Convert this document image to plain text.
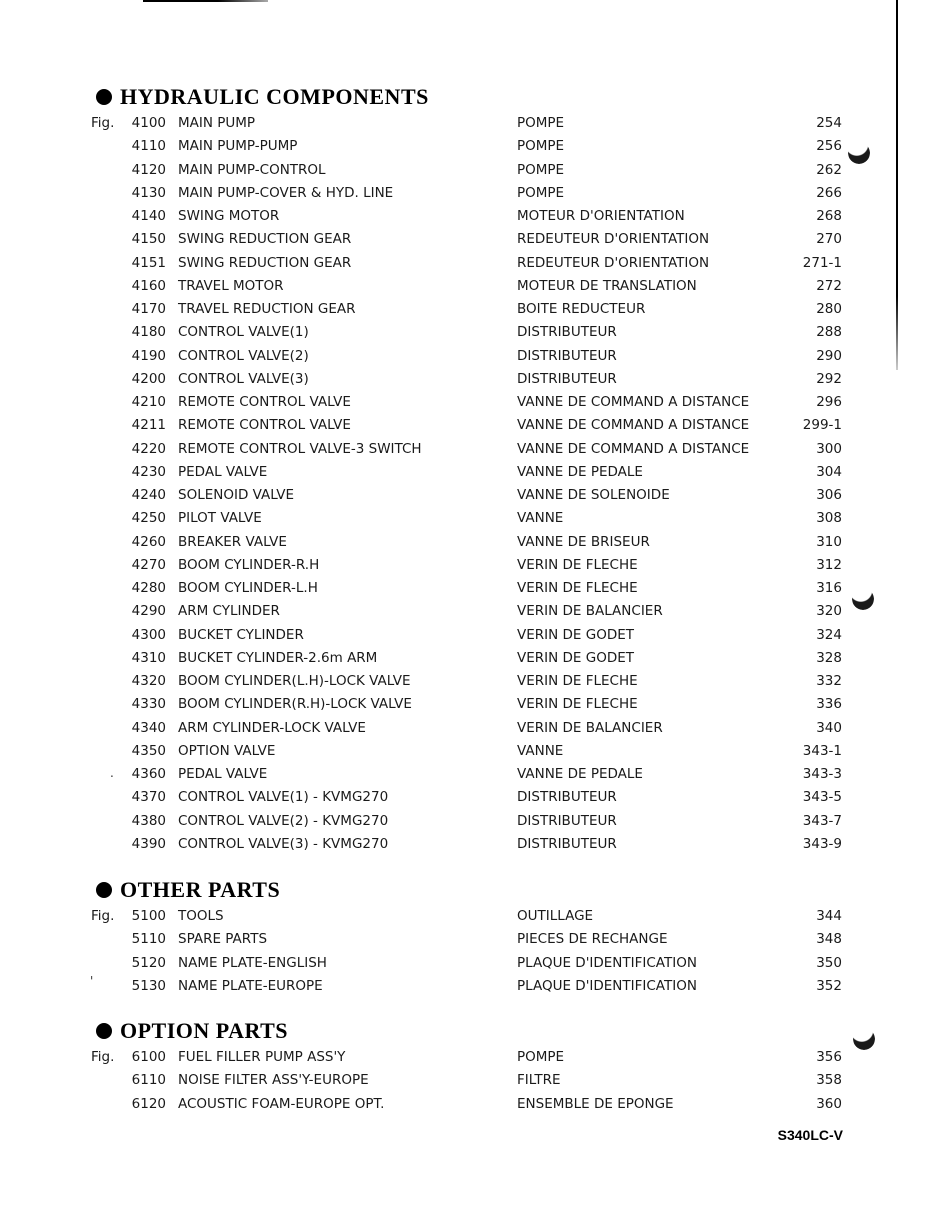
.
'
HYDRAULIC COMPONENTS
Fig. 4100 MAIN PUMP	POMPE	254
4110 MAIN PUMP-PUMP	POMPE	256
4120 MAIN PUMP-CONTROL	POMPE	262
4130 MAIN PUMP-COVER & HYD. LINE	POMPE	266
4140 SWING MOTOR	MOTEUR D'ORIENTATION	268
4150 SWING REDUCTION GEAR	REDEUTEUR D'ORIENTATION	270
4151 SWING REDUCTION GEAR	REDEUTEUR D'ORIENTATION	271-1
4160 TRAVEL MOTOR	MOTEUR DE TRANSLATION	272
4170 TRAVEL REDUCTION GEAR	BOITE REDUCTEUR	280
4180 CONTROL VALVE(1)	DISTRIBUTEUR	288
4190 CONTROL VALVE(2)	DISTRIBUTEUR	290
4200 CONTROL VALVE(3)	DISTRIBUTEUR	292
4210 REMOTE CONTROL VALVE	VANNE DE COMMAND A DISTANCE	296
4211 REMOTE CONTROL VALVE	VANNE DE COMMAND A DISTANCE	299-1
4220 REMOTE CONTROL VALVE-3 SWITCH	VANNE DE COMMAND A DISTANCE	300
4230 PEDAL VALVE	VANNE DE PEDALE	304
4240 SOLENOID VALVE	VANNE DE SOLENOIDE	306
4250 PILOT VALVE	VANNE	308
4260 BREAKER VALVE	VANNE DE BRISEUR	310
4270 BOOM CYLINDER-R.H	VERIN DE FLECHE	312
4280 BOOM CYLINDER-L.H	VERIN DE FLECHE	316
4290 ARM CYLINDER	VERIN DE BALANCIER	320
4300 BUCKET CYLINDER	VERIN DE GODET	324
4310 BUCKET CYLINDER-2.6m ARM	VERIN DE GODET	328
4320 BOOM CYLINDER(L.H)-LOCK VALVE	VERIN DE FLECHE	332
4330 BOOM CYLINDER(R.H)-LOCK VALVE	VERIN DE FLECHE	336
4340 ARM CYLINDER-LOCK VALVE	VERIN DE BALANCIER	340
4350 OPTION VALVE	VANNE	343-1
4360 PEDAL VALVE	VANNE DE PEDALE	343-3
4370 CONTROL VALVE(1) - KVMG270	DISTRIBUTEUR	343-5
4380 CONTROL VALVE(2) - KVMG270	DISTRIBUTEUR	343-7
4390 CONTROL VALVE(3) - KVMG270	DISTRIBUTEUR	343-9
OTHER PARTS
Fig. 5100 TOOLS	OUTILLAGE	344
5110 SPARE PARTS	PIECES DE RECHANGE	348
5120 NAME PLATE-ENGLISH	PLAQUE D'IDENTIFICATION	350
5130 NAME PLATE-EUROPE	PLAQUE D'IDENTIFICATION	352
OPTION PARTS
Fig. 6100 FUEL FILLER PUMP ASS'Y	POMPE	356
6110 NOISE FILTER ASS'Y-EUROPE	FILTRE	358
6120 ACOUSTIC FOAM-EUROPE OPT.	ENSEMBLE DE EPONGE	360
S340LC-V
